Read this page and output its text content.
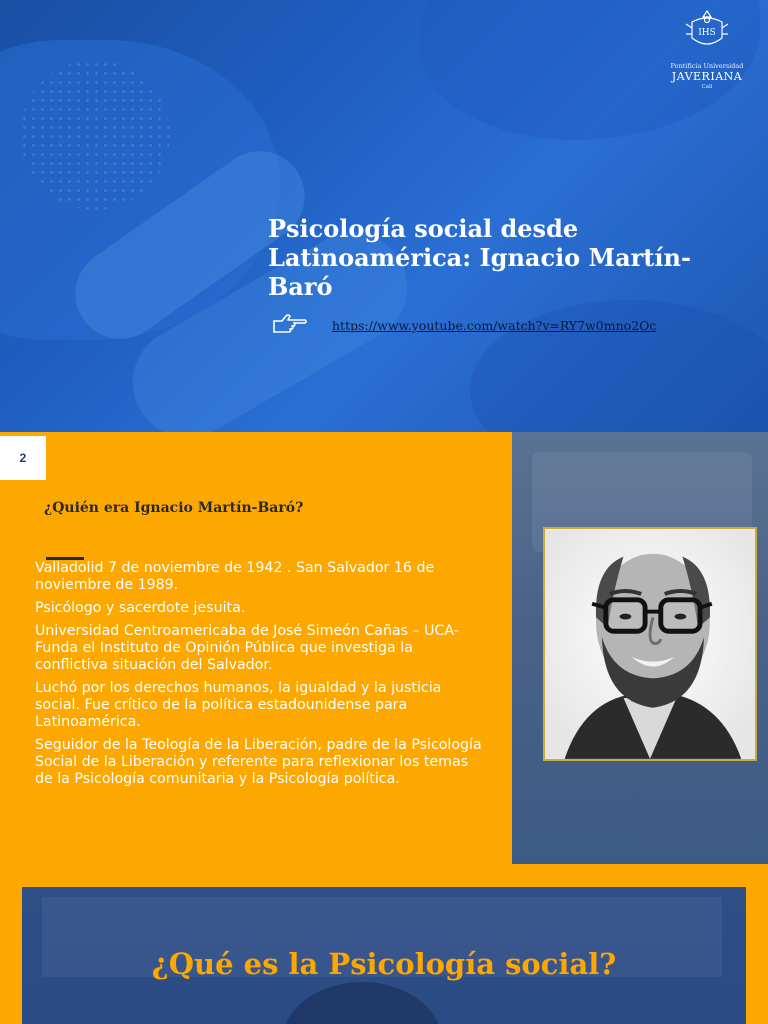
IHS
Pontificia Universidad
JAVERIANA
Cali
Psicología social desde Latinoamérica: Ignacio Martín-Baró
https://www.youtube.com/watch?v=RY7w0mno2Oc
2
¿Quién era Ignacio Martín-Baró?
Valladolid 7 de noviembre de 1942 . San Salvador 16 de noviembre de 1989.
Psicólogo y sacerdote jesuita.
Universidad Centroamericaba de José Simeón Cañas – UCA- Funda el Instituto de Opinión Pública que investiga la conflictiva situación del Salvador.
Luchó por los derechos humanos, la igualdad y la justicia social. Fue crítico de la política estadounidense para Latinoamérica.
Seguidor de la Teología de la Liberación, padre de la Psicología Social de la Liberación y referente para reflexionar los temas de la Psicología comunitaria y la Psicología política.
¿Qué es la Psicología social?
